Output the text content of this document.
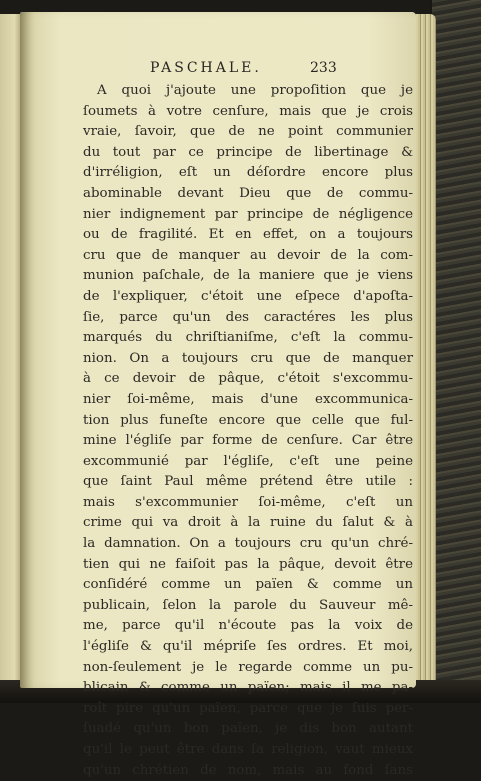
PASCHALE.	233
A quoi j'ajoute une propoſition que je
ſoumets à votre cenſure, mais que je crois
vraie, ſavoir, que de ne point communier
du tout par ce principe de libertinage &
d'irréligion, eſt un déſordre encore plus
abominable devant Dieu que de commu-
nier indignement par principe de négligence
ou de fragilité. Et en effet, on a toujours
cru que de manquer au devoir de la com-
munion paſchale, de la maniere que je viens
de l'expliquer, c'étoit une eſpece d'apoſta-
ſie, parce qu'un des caractéres les plus
marqués du chriſtianiſme, c'eſt la commu-
nion. On a toujours cru que de manquer
à ce devoir de pâque, c'étoit s'excommu-
nier ſoi-même, mais d'une excommunica-
tion plus funeſte encore que celle que ful-
mine l'égliſe par forme de cenſure. Car être
excommunié par l'égliſe, c'eſt une peine
que ſaint Paul même prétend être utile :
mais s'excommunier ſoi-même, c'eſt un
crime qui va droit à la ruine du ſalut & à
la damnation. On a toujours cru qu'un chré-
tien qui ne faiſoit pas la pâque, devoit être
conſidéré comme un païen & comme un
publicain, ſelon la parole du Sauveur mê-
me, parce qu'il n'écoute pas la voix de
l'égliſe & qu'il mépriſe ſes ordres. Et moi,
non-ſeulement je le regarde comme un pu-
blicain & comme un païen; mais il me pa-
roît pire qu'un païen, parce que je ſuis per-
ſuadé qu'un bon païen, je dis bon autant
qu'il le peut être dans ſa religion, vaut mieux
qu'un chrétien de nom, mais au fond ſans
